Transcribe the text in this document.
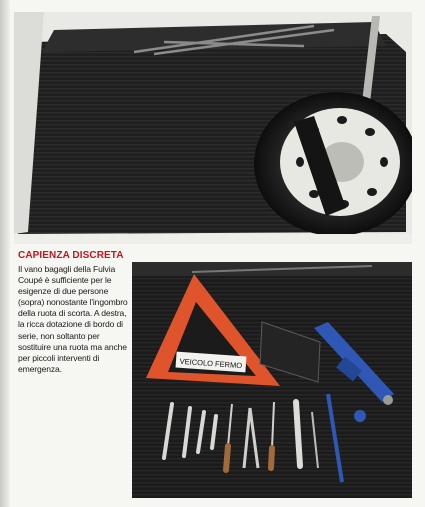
CAPIENZA DISCRETA

Il vano bagagli della Fulvia Coupé è sufficiente per le esigenze di due persone (sopra) nonostante l'ingombro della ruota di scorta. A destra, la ricca dotazione di bordo di serie, non soltanto per sostituire una ruota ma anche per piccoli interventi di emergenza.	VEICOLO FERMO
